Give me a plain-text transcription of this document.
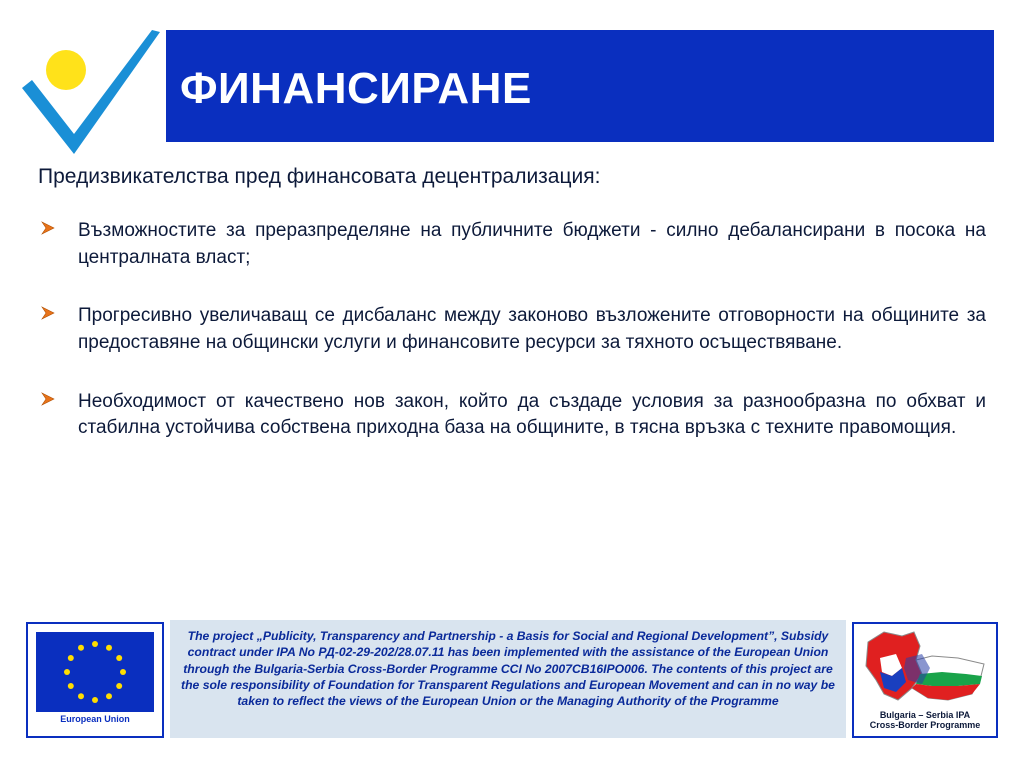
ФИНАНСИРАНЕ

Предизвикателства пред финансовата децентрализация:

Възможностите за преразпределяне на публичните бюджети - силно дебалансирани в посока на централната власт;
Прогресивно увеличаващ се дисбаланс между законово възложените отговорности на общините за предоставяне на общински услуги и финансовите ресурси за тяхното осъществяване.
Необходимост от качествено нов закон, който да създаде условия за разнообразна по обхват и стабилна устойчива собствена приходна база на общините, в тясна връзка с техните правомощия.
European Union
The project „Publicity, Transparency and Partnership - a Basis for Social and Regional Development”, Subsidy contract under IPA No РД-02-29-202/28.07.11 has been implemented with the assistance of the European Union through the Bulgaria-Serbia Cross-Border Programme CCI No 2007CB16IPO006. The contents of this project are the sole responsibility of Foundation for Transparent Regulations and European Movement and can in no way be taken to reflect the views of the European Union or the Managing Authority of the Programme
Bulgaria – Serbia IPA
Cross-Border Programme
